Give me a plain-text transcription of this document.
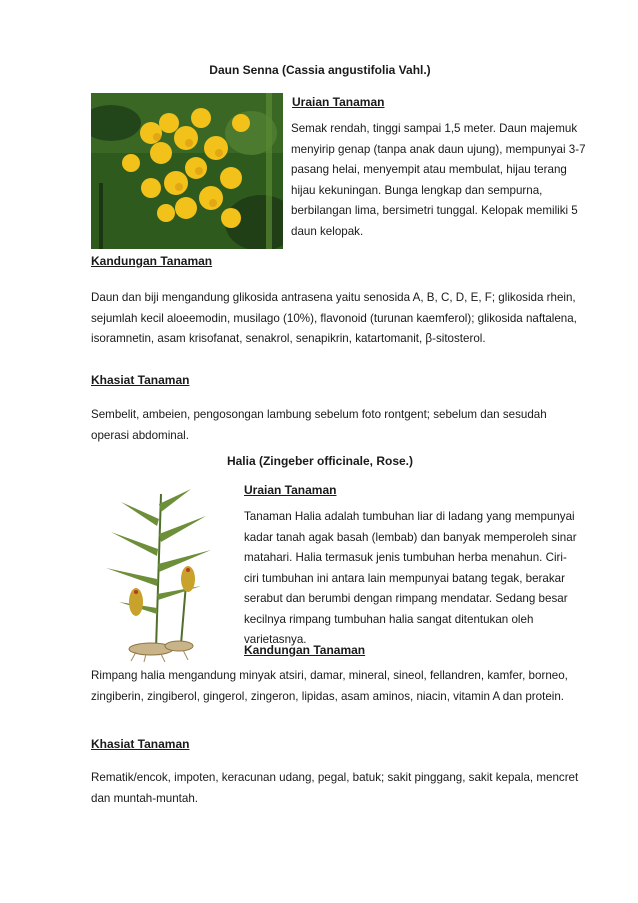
Daun Senna (Cassia angustifolia Vahl.)
Uraian Tanaman

Semak rendah, tinggi sampai 1,5 meter. Daun majemuk menyirip genap (tanpa anak daun ujung), mempunyai 3-7 pasang helai, menyempit atau membulat, hijau terang hijau kekuningan. Bunga lengkap dan sempurna, berbilangan lima, bersimetri tunggal. Kelopak memiliki 5 daun kelopak.

Kandungan Tanaman

Daun dan biji mengandung glikosida antrasena yaitu senosida A, B, C, D, E, F; glikosida rhein, sejumlah kecil aloeemodin, musilago (10%), flavonoid (turunan kaemferol); glikosida naftalena, isoramnetin, asam krisofanat, senakrol, senapikrin, katartomanit, β-sitosterol.

Khasiat Tanaman

Sembelit, ambeien, pengosongan lambung sebelum foto rontgent; sebelum dan sesudah operasi abdominal.

Halia (Zingeber officinale, Rose.)
Uraian Tanaman

Tanaman Halia adalah tumbuhan liar di ladang yang mempunyai kadar tanah agak basah (lembab) dan banyak memperoleh sinar matahari. Halia termasuk jenis tumbuhan herba menahun. Ciri-ciri tumbuhan ini antara lain mempunyai batang tegak, berakar serabut dan berumbi dengan rimpang mendatar. Sedang besar kecilnya rimpang tumbuhan halia sangat ditentukan oleh varietasnya.

Kandungan Tanaman

Rimpang halia mengandung minyak atsiri, damar, mineral, sineol, fellandren, kamfer, borneo, zingiberin, zingiberol, gingerol, zingeron, lipidas, asam aminos, niacin, vitamin A dan protein.

Khasiat Tanaman

Rematik/encok, impoten, keracunan udang, pegal, batuk; sakit pinggang, sakit kepala, mencret dan muntah-muntah.
